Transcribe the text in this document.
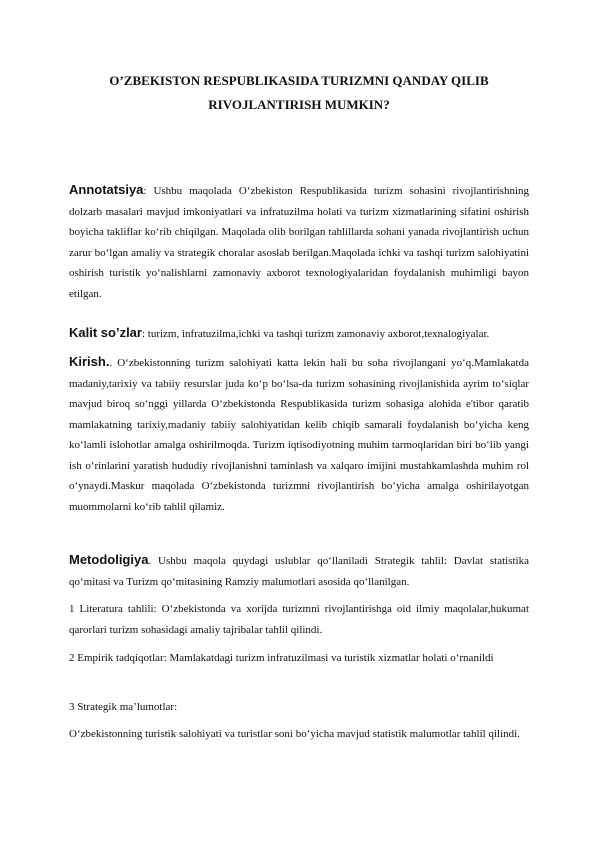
O’ZBEKISTON RESPUBLIKASIDA TURIZMNI QANDAY QILIB
RIVOJLANTIRISH MUMKIN?
Annotatsiya: Ushbu maqolada O‘zbekiston Respublikasida turizm sohasini rivojlantirishning dolzarb masalari mavjud imkoniyatlari va infratuzilma holati va turizm xizmatlarining sifatini oshirish boyicha takliflar ko‘rib chiqilgan. Maqolada olib borilgan tahlillarda sohani yanada rivojlantirish uchun zarur bo‘lgan amaliy va strategik choralar asoslab berilgan.Maqolada ichki va tashqi turizm salohiyatini oshirish turistik yo‘nalishlarni zamonaviy axborot texnologiyalaridan foydalanish muhimligi bayon etilgan.
Kalit so’zlar: turizm, infratuzilma,ichki va tashqi turizm zamonaviy axborot,texnalogiyalar.
Kirish.. O‘zbekistonning turizm salohiyati katta lekin hali bu soha rivojlangani yo‘q.Mamlakatda madaniy,tarixiy va tabiiy resurslar juda ko‘p bo‘lsa-da turizm sohasining rivojlanishida ayrim to‘siqlar mavjud biroq so‘nggi yillarda O‘zbekistonda Respublikasida turizm sohasiga alohida e'tibor qaratib mamlakatning tarixiy,madaniy tabiiy salohiyatidan kelib chiqib samarali foydalanish bo‘yicha keng ko‘lamli islohotlar amalga oshirilmoqda. Turizm iqtisodiyotning muhim tarmoqlaridan biri bo‘lib yangi ish o‘rinlarini yaratish hududiy rivojlanishni taminlash va xalqaro imijini mustahkamlashda muhim rol o‘ynaydi.Maskur maqolada O‘zbekistonda turizmni rivojlantirish bo‘yicha amalga oshirilayotgan muommolarni ko‘rib tahlil qilamiz.
Metodoligiya. Ushbu maqola quydagi uslublar qo‘llaniladi Strategik tahlil: Davlat statistika qo‘mitasi va Turizm qo‘mitasining Ramziy malumotlari asosida qo‘llanilgan.
1 Literatura tahlili: O‘zbekistonda va xorijda turizmni rivojlantirishga oid ilmiy maqolalar,hukumat qarorlari turizm sohasidagi amaliy tajribalar tahlil qilindi.
2 Empirik tadqiqotlar: Mamlakatdagi turizm infratuzilmasi va turistik xizmatlar holati o‘rnanildi
3 Strategik ma’lumotlar:
O‘zbekistonning turistik salohiyati va turistlar soni bo‘yicha mavjud statistik malumotlar tahlil qilindi.
